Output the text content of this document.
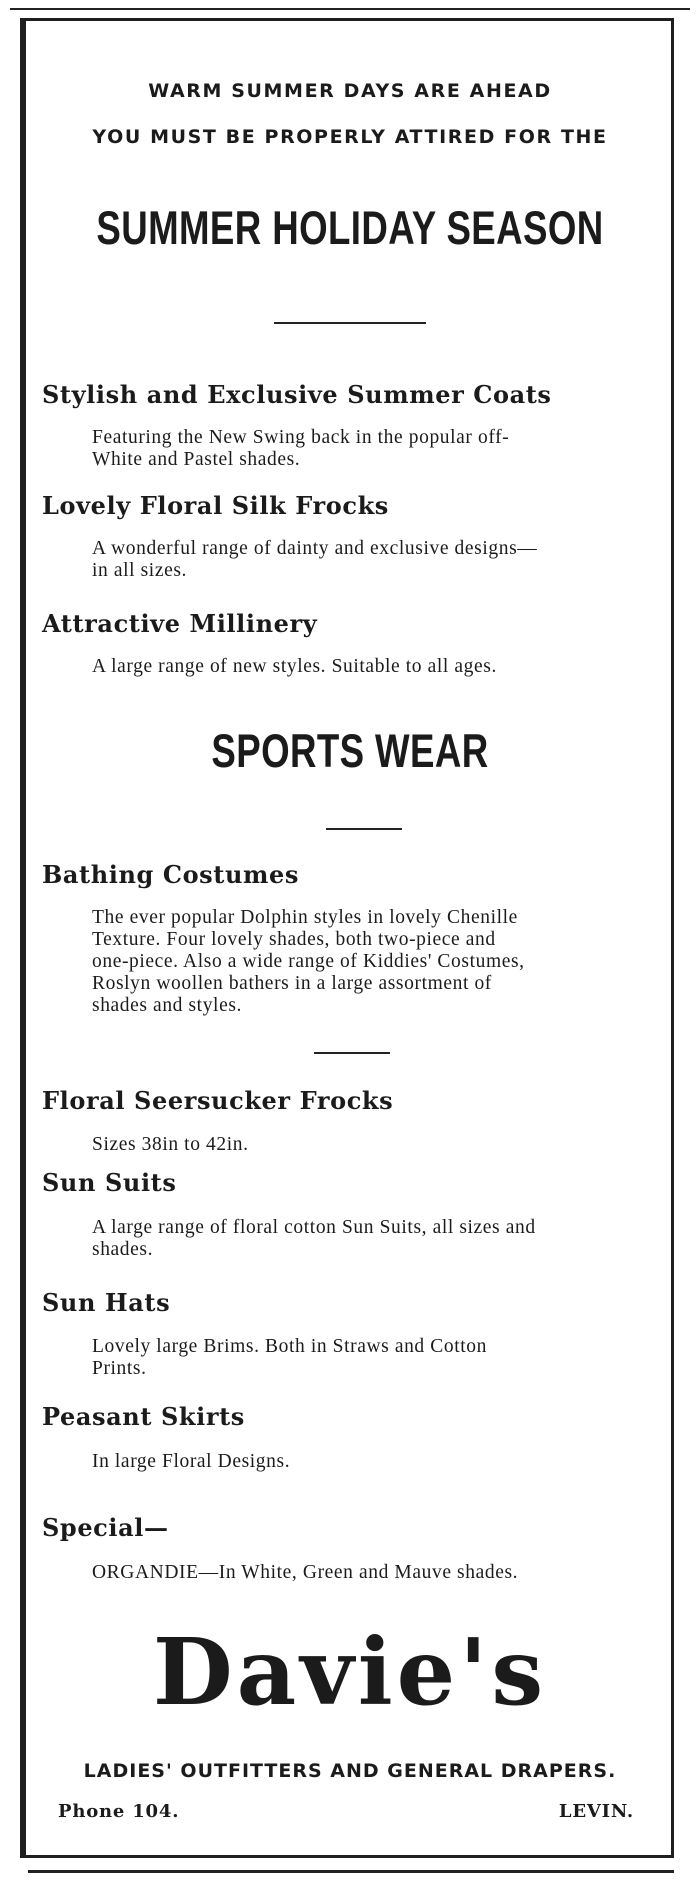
WARM SUMMER DAYS ARE AHEAD

YOU MUST BE PROPERLY ATTIRED FOR THE

SUMMER HOLIDAY SEASON
Stylish and Exclusive Summer Coats

Featuring the New Swing back in the popular off-

White and Pastel shades.

Lovely Floral Silk Frocks

A wonderful range of dainty and exclusive designs—

in all sizes.

Attractive Millinery

A large range of new styles. Suitable to all ages.

SPORTS WEAR
Bathing Costumes

The ever popular Dolphin styles in lovely Chenille

Texture. Four lovely shades, both two-piece and

one-piece. Also a wide range of Kiddies' Costumes,

Roslyn woollen bathers in a large assortment of

shades and styles.

Floral Seersucker Frocks

Sizes 38in to 42in.

Sun Suits

A large range of floral cotton Sun Suits, all sizes and

shades.

Sun Hats

Lovely large Brims. Both in Straws and Cotton

Prints.

Peasant Skirts

In large Floral Designs.

Special—

ORGANDIE—In White, Green and Mauve shades.

Davie's

LADIES' OUTFITTERS AND GENERAL DRAPERS.

Phone 104.	LEVIN.
